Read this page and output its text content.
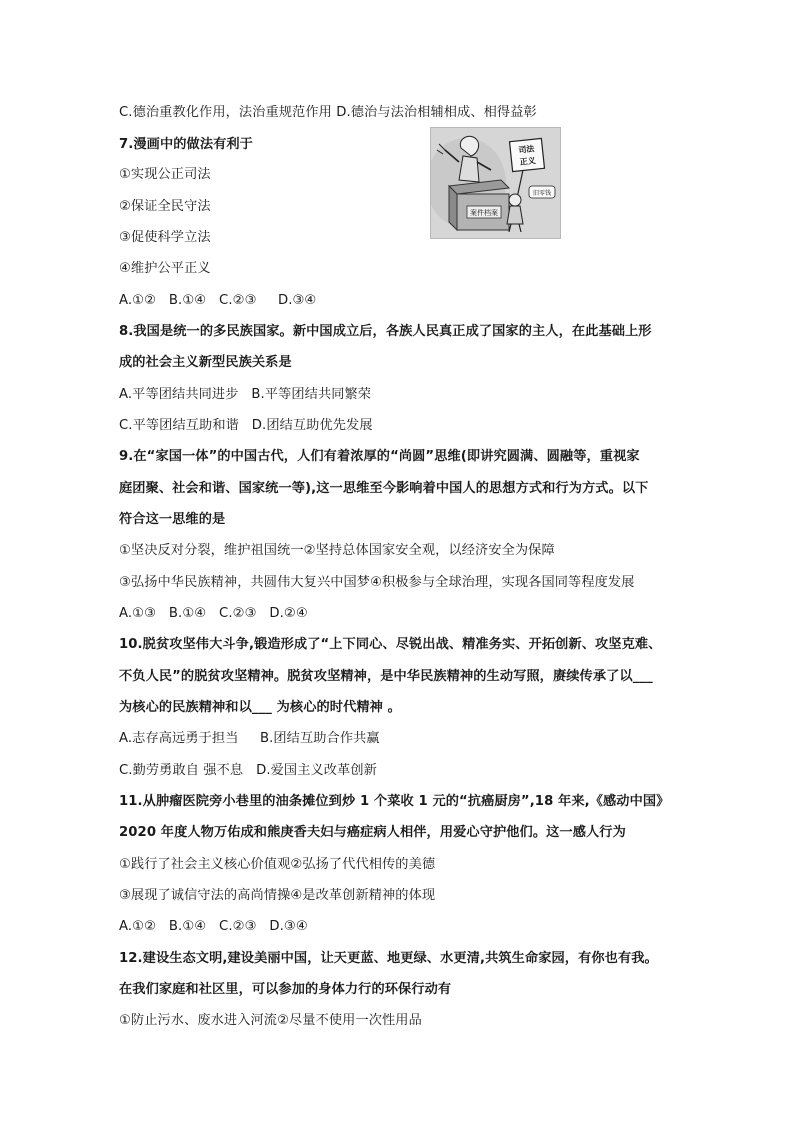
C.德治重教化作用，法治重规范作用 D.德治与法治相辅相成、相得益彰
7.漫画中的做法有利于
①实现公正司法
②保证全民守法
③促使科学立法
④维护公平正义
A.①②   B.①④   C.②③     D.③④
8.我国是统一的多民族国家。新中国成立后，各族人民真正成了国家的主人，在此基础上形
成的社会主义新型民族关系是
A.平等团结共同进步   B.平等团结共同繁荣
C.平等团结互助和谐   D.团结互助优先发展
9.在“家国一体”的中国古代，人们有着浓厚的“尚圆”思维(即讲究圆满、圆融等，重视家
庭团聚、社会和谐、国家统一等),这一思维至今影响着中国人的思想方式和行为方式。以下
符合这一思维的是
①坚决反对分裂，维护祖国统一②坚持总体国家安全观，以经济安全为保障
③弘扬中华民族精神，共圆伟大复兴中国梦④积极参与全球治理，实现各国同等程度发展
A.①③   B.①④   C.②③   D.②④
10.脱贫攻坚伟大斗争,锻造形成了“上下同心、尽锐出战、精准务实、开拓创新、攻坚克难、
不负人民”的脱贫攻坚精神。脱贫攻坚精神，是中华民族精神的生动写照，赓续传承了以___
为核心的民族精神和以___ 为核心的时代精神 。
A.志存高远勇于担当     B.团结互助合作共赢
C.勤劳勇敢自 强不息   D.爱国主义改革创新
11.从肿瘤医院旁小巷里的油条摊位到炒 1 个菜收 1 元的“抗癌厨房”,18 年来,《感动中国》
2020 年度人物万佑成和熊庚香夫妇与癌症病人相伴，用爱心守护他们。这一感人行为
①践行了社会主义核心价值观②弘扬了代代相传的美德
③展现了诚信守法的高尚情操④是改革创新精神的体现
A.①②   B.①④   C.②③   D.③④
12.建设生态文明,建设美丽中国，让天更蓝、地更绿、水更清,共筑生命家园，有你也有我。
在我们家庭和社区里，可以参加的身体力行的环保行动有
①防止污水、废水进入河流②尽量不使用一次性用品
案件档案
司法
正义
旧零钱
